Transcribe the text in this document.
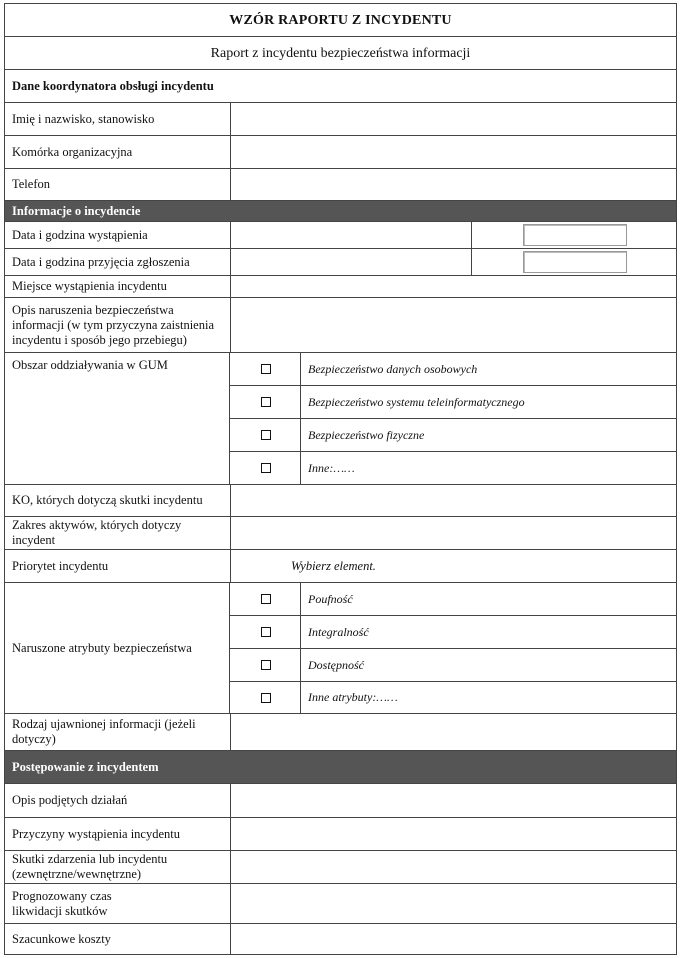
WZÓR RAPORTU Z INCYDENTU
Raport z incydentu bezpieczeństwa informacji
Dane koordynatora obsługi incydentu
Imię i nazwisko, stanowisko
Komórka organizacyjna
Telefon
Informacje o incydencie
Data i godzina wystąpienia
Data i godzina przyjęcia zgłoszenia
Miejsce wystąpienia incydentu
Opis naruszenia bezpieczeństwa informacji (w tym przyczyna zaistnienia incydentu i sposób jego przebiegu)
Bezpieczeństwo danych osobowych
Bezpieczeństwo systemu teleinformatycznego
Bezpieczeństwo fizyczne
Inne:……
Obszar oddziaływania w GUM
KO, których dotyczą skutki incydentu
Zakres aktywów, których dotyczy incydent
Priorytet incydentu	Wybierz element.
Poufność
Integralność
Dostępność
Inne atrybuty:……
Naruszone atrybuty bezpieczeństwa
Rodzaj ujawnionej informacji (jeżeli dotyczy)
Postępowanie z incydentem
Opis podjętych działań
Przyczyny wystąpienia incydentu
Skutki zdarzenia lub incydentu (zewnętrzne/wewnętrzne)
Prognozowany czas likwidacji skutków
Szacunkowe koszty
